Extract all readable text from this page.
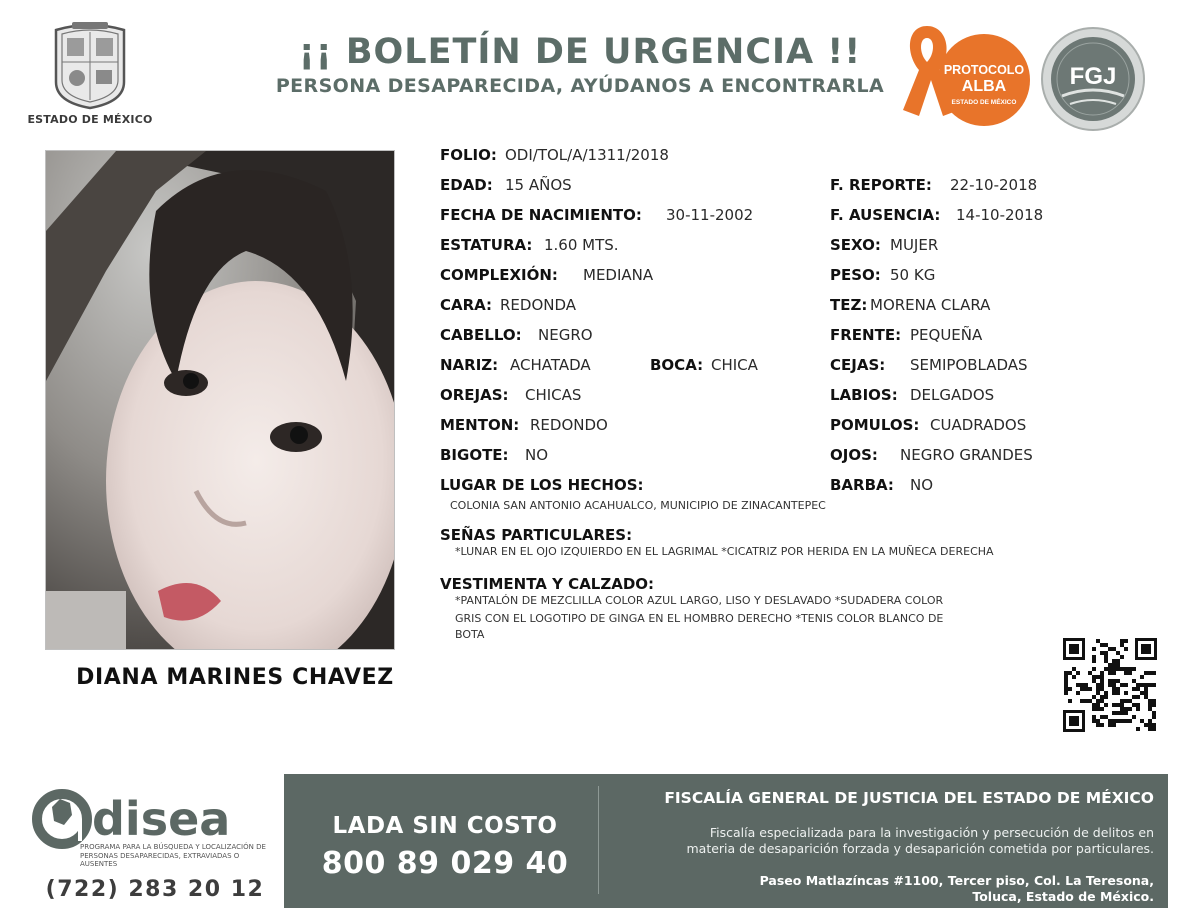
ESTADO DE MÉXICO
¡¡ BOLETÍN DE URGENCIA !!
PERSONA DESAPARECIDA, AYÚDANOS A ENCONTRARLA
PROTOCOLO
ALBA
ESTADO DE MÉXICO
FGJ
DIANA MARINES CHAVEZ
FOLIO: ODI/TOL/A/1311/2018
EDAD: 15 AÑOS
FECHA DE NACIMIENTO: 30-11-2002
ESTATURA: 1.60 MTS.
COMPLEXIÓN: MEDIANA
CARA: REDONDA
CABELLO: NEGRO
NARIZ: ACHATADA	BOCA: CHICA
OREJAS: CHICAS
MENTON: REDONDO
BIGOTE: NO
LUGAR DE LOS HECHOS:
COLONIA SAN ANTONIO ACAHUALCO, MUNICIPIO DE ZINACANTEPEC
F. REPORTE: 22-10-2018
F. AUSENCIA: 14-10-2018
SEXO: MUJER
PESO: 50 KG
TEZ: MORENA CLARA
FRENTE: PEQUEÑA
CEJAS: SEMIPOBLADAS
LABIOS: DELGADOS
POMULOS: CUADRADOS
OJOS: NEGRO GRANDES
BARBA: NO
SEÑAS PARTICULARES:
*LUNAR EN EL OJO IZQUIERDO EN EL LAGRIMAL *CICATRIZ POR HERIDA EN LA MUÑECA DERECHA
VESTIMENTA Y CALZADO:
*PANTALÓN DE MEZCLILLA COLOR AZUL LARGO, LISO Y DESLAVADO *SUDADERA COLOR
GRIS CON EL LOGOTIPO DE GINGA EN EL HOMBRO DERECHO *TENIS COLOR BLANCO DE
BOTA
disea
PROGRAMA PARA LA BÚSQUEDA Y LOCALIZACIÓN DE PERSONAS DESAPARECIDAS, EXTRAVIADAS O AUSENTES
(722) 283 20 12
LADA SIN COSTO
800 89 029 40
FISCALÍA GENERAL DE JUSTICIA DEL ESTADO DE MÉXICO
Fiscalía especializada para la investigación y persecución de delitos en
materia de desaparición forzada y desaparición cometida por particulares.
Paseo Matlazíncas #1100, Tercer piso, Col. La Teresona,
Toluca, Estado de México.
